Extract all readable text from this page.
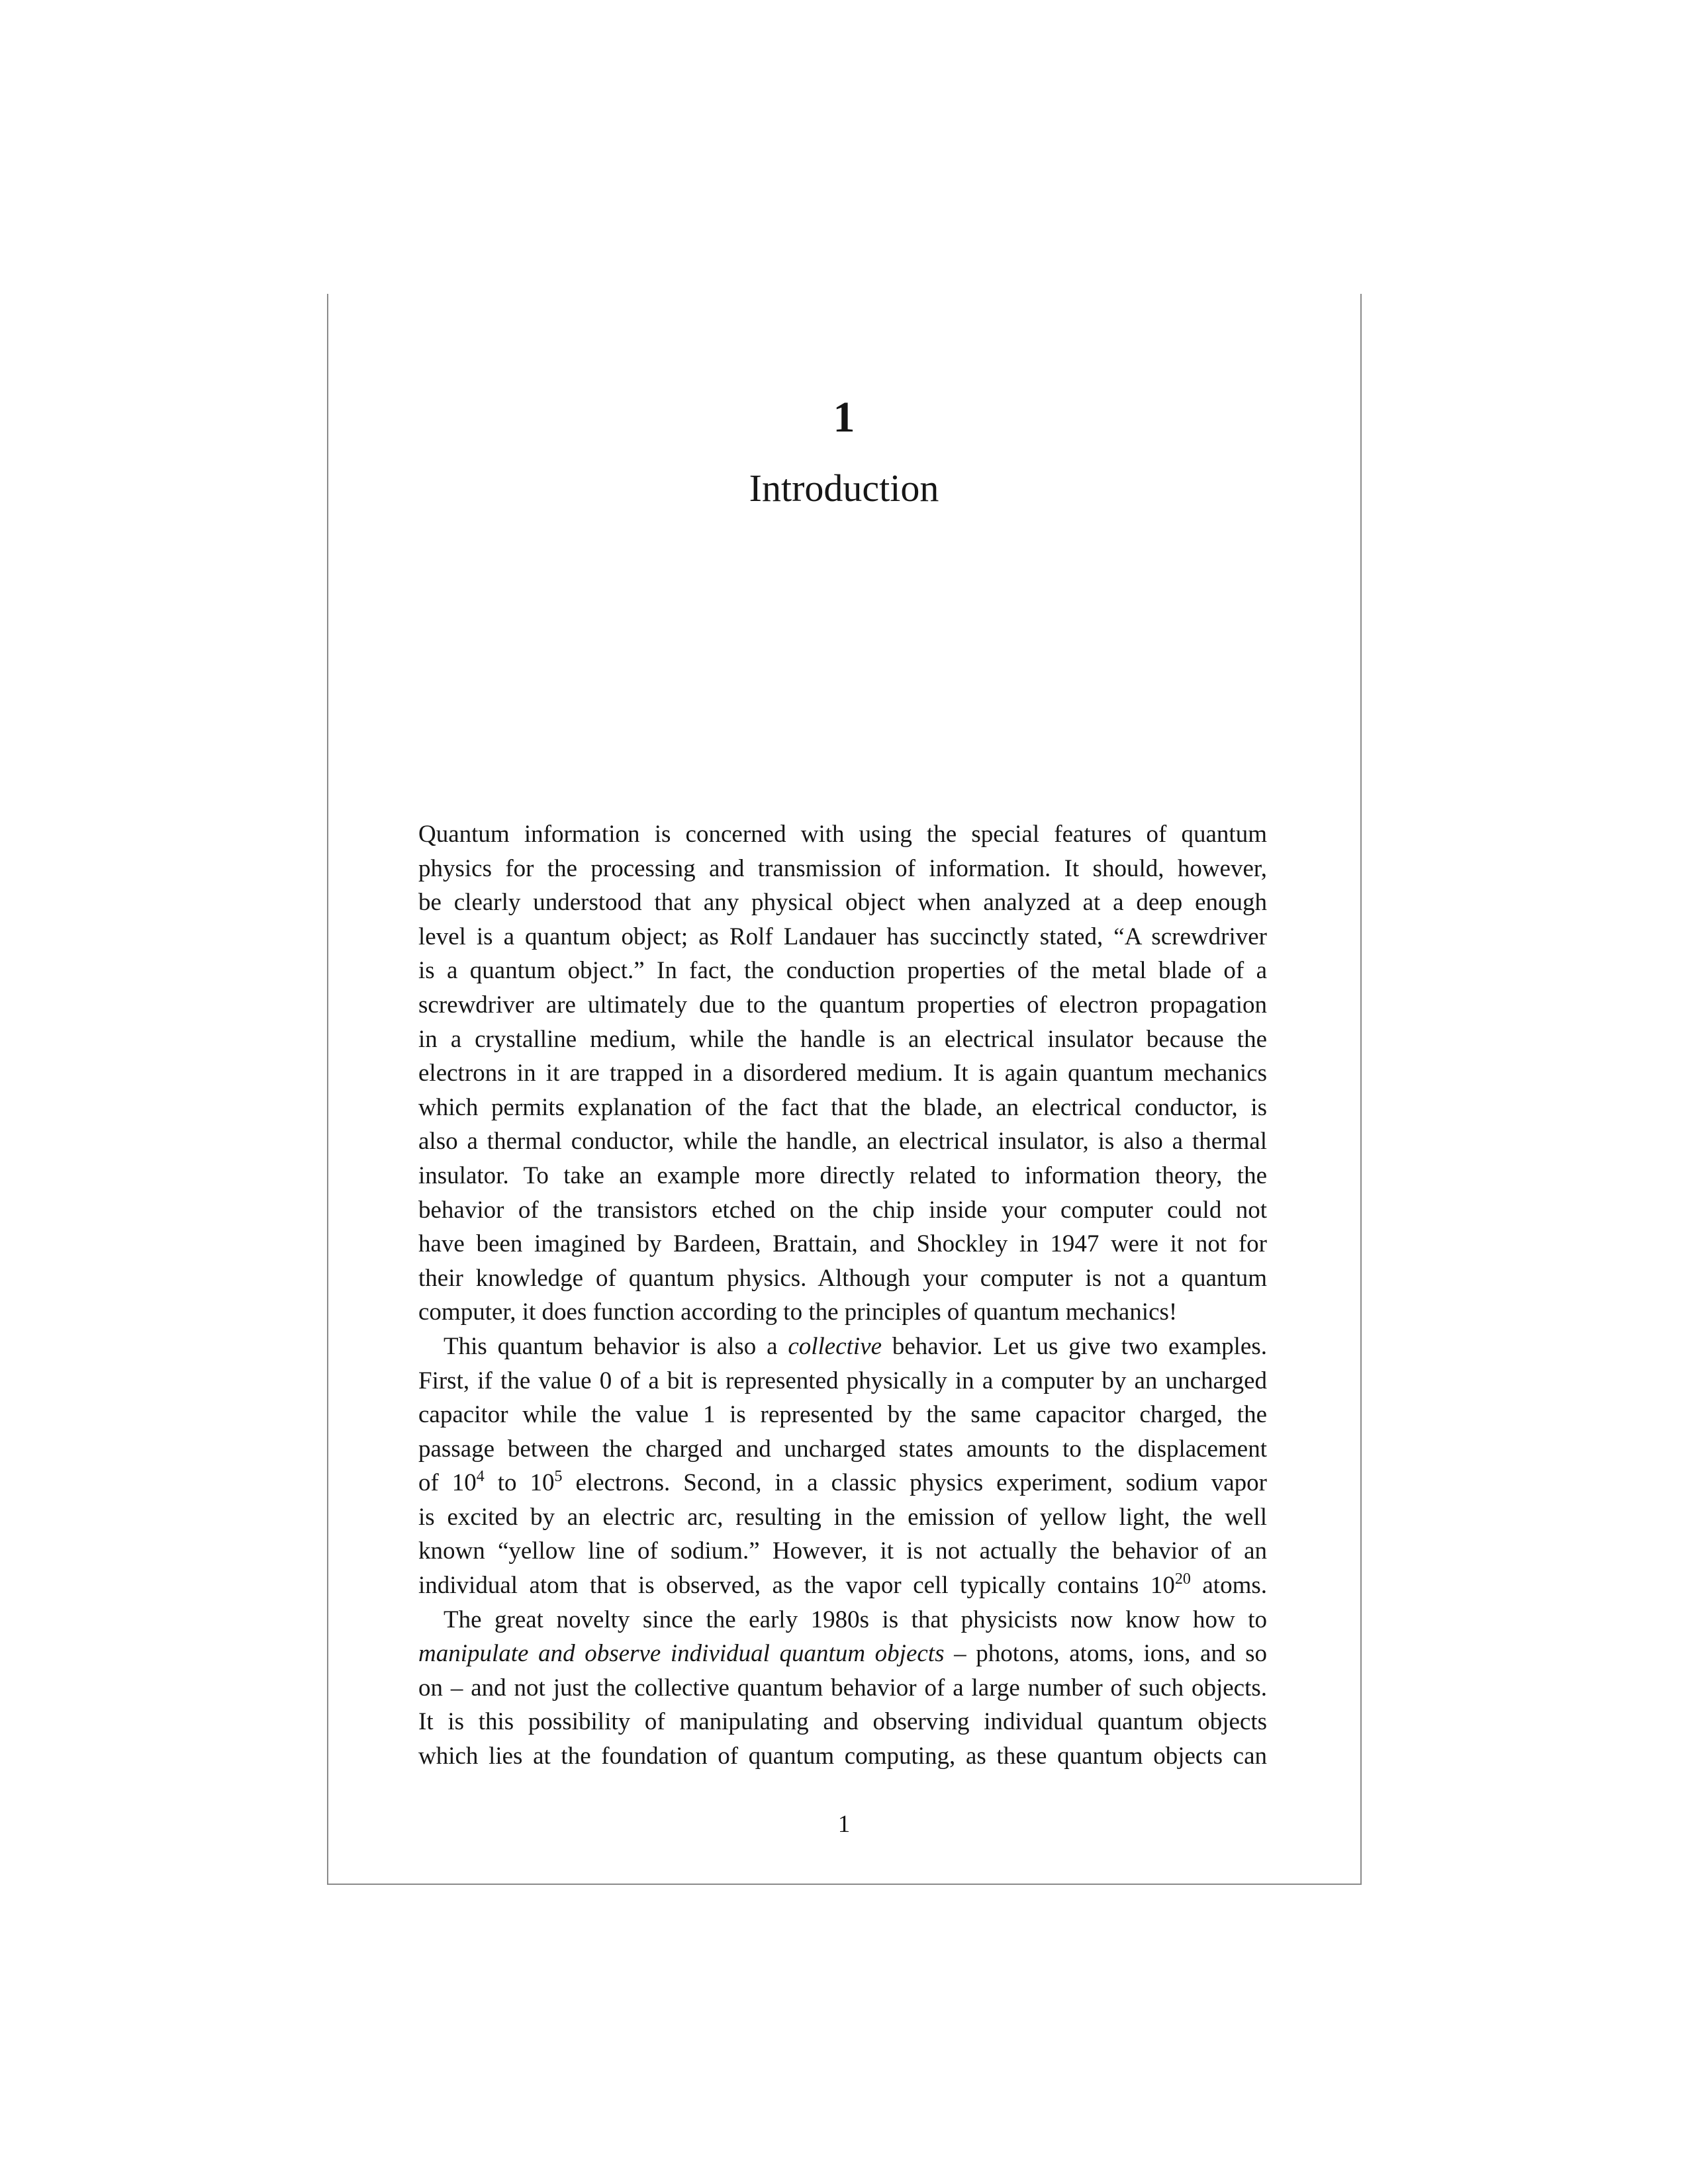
1
Introduction
Quantum information is concerned with using the special features of quantum
physics for the processing and transmission of information. It should, however,
be clearly understood that any physical object when analyzed at a deep enough
level is a quantum object; as Rolf Landauer has succinctly stated, “A screwdriver
is a quantum object.” In fact, the conduction properties of the metal blade of a
screwdriver are ultimately due to the quantum properties of electron propagation
in a crystalline medium, while the handle is an electrical insulator because the
electrons in it are trapped in a disordered medium. It is again quantum mechanics
which permits explanation of the fact that the blade, an electrical conductor, is
also a thermal conductor, while the handle, an electrical insulator, is also a thermal
insulator. To take an example more directly related to information theory, the
behavior of the transistors etched on the chip inside your computer could not
have been imagined by Bardeen, Brattain, and Shockley in 1947 were it not for
their knowledge of quantum physics. Although your computer is not a quantum
computer, it does function according to the principles of quantum mechanics!
This quantum behavior is also a collective behavior. Let us give two examples.
First, if the value 0 of a bit is represented physically in a computer by an uncharged
capacitor while the value 1 is represented by the same capacitor charged, the
passage between the charged and uncharged states amounts to the displacement
of $10^4$ to $10^5$ electrons. Second, in a classic physics experiment, sodium vapor
is excited by an electric arc, resulting in the emission of yellow light, the well
known “yellow line of sodium.” However, it is not actually the behavior of an
individual atom that is observed, as the vapor cell typically contains $10^{20}$ atoms.
The great novelty since the early 1980s is that physicists now know how to
manipulate and observe individual quantum objects – photons, atoms, ions, and so
on – and not just the collective quantum behavior of a large number of such objects.
It is this possibility of manipulating and observing individual quantum objects
which lies at the foundation of quantum computing, as these quantum objects can
1
